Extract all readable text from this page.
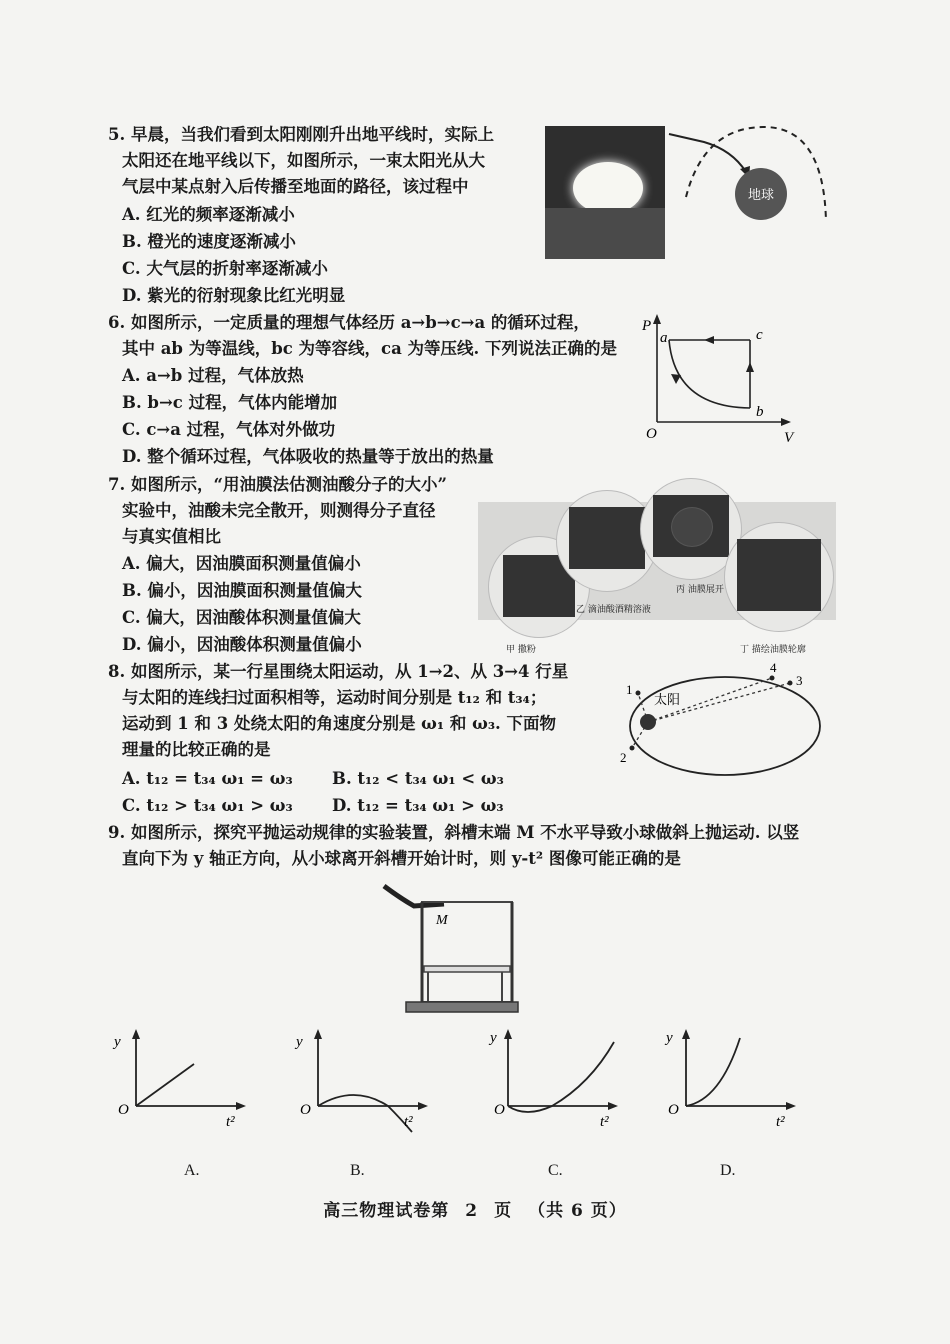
5. 早晨，当我们看到太阳刚刚升出地平线时，实际上
太阳还在地平线以下，如图所示，一束太阳光从大
气层中某点射入后传播至地面的路径，该过程中
A. 红光的频率逐渐减小
B. 橙光的速度逐渐减小
C. 大气层的折射率逐渐减小
D. 紫光的衍射现象比红光明显
地球
6. 如图所示，一定质量的理想气体经历 a→b→c→a 的循环过程，
其中 ab 为等温线，bc 为等容线，ca 为等压线. 下列说法正确的是
A. a→b 过程，气体放热
B. b→c 过程，气体内能增加
C. c→a 过程，气体对外做功
D. 整个循环过程，气体吸收的热量等于放出的热量
P
V
O
a
b
c
7. 如图所示，“用油膜法估测油酸分子的大小”
实验中，油酸未完全散开，则测得分子直径
与真实值相比
A. 偏大，因油膜面积测量值偏小
B. 偏小，因油膜面积测量值偏大
C. 偏大，因油酸体积测量值偏大
D. 偏小，因油酸体积测量值偏小	甲 撒粉
乙 滴油酸酒精溶液
丙 油膜展开
丁 描绘油膜轮廓
8. 如图所示，某一行星围绕太阳运动，从 1→2、从 3→4 行星
与太阳的连线扫过面积相等，运动时间分别是 t₁₂ 和 t₃₄；
运动到 1 和 3 处绕太阳的角速度分别是 ω₁ 和 ω₃. 下面物
理量的比较正确的是
A. t₁₂ = t₃₄ ω₁ = ω₃ B. t₁₂ < t₃₄ ω₁ < ω₃
C. t₁₂ > t₃₄ ω₁ > ω₃ D. t₁₂ = t₃₄ ω₁ > ω₃
太阳
1
2
3
4
9. 如图所示，探究平抛运动规律的实验装置，斜槽末端 M 不水平导致小球做斜上抛运动. 以竖
直向下为 y 轴正方向，从小球离开斜槽开始计时，则 y-t² 图像可能正确的是
M
y
O
t²
A.
y
O
t²
B.
y
O
t²
C.
y
O
t²
D.
高三物理试卷第 2 页 （共 6 页）
